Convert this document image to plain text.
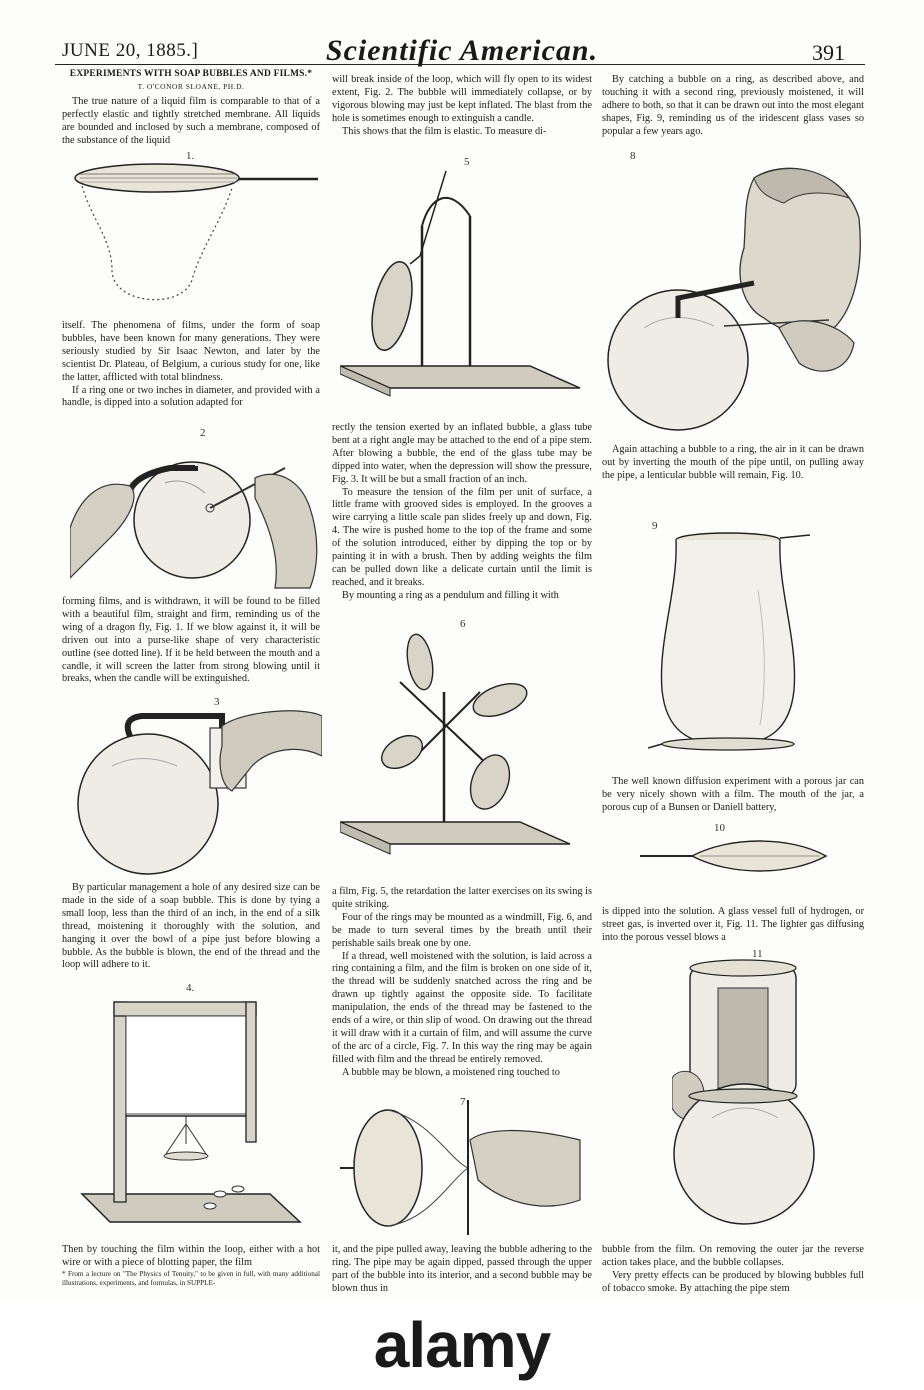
JUNE 20, 1885.]	Scientific American.	391
EXPERIMENTS WITH SOAP BUBBLES AND FILMS.*
T. O'CONOR SLOANE, PH.D.

The true nature of a liquid film is comparable to that of a perfectly elastic and tightly stretched membrane. All liquids are bounded and inclosed by such a membrane, composed of the substance of the liquid

1.

itself. The phenomena of films, under the form of soap bubbles, have been known for many generations. They were seriously studied by Sir Isaac Newton, and later by the scientist Dr. Plateau, of Belgium, a curious study for one, like the latter, afflicted with total blindness.

If a ring one or two inches in diameter, and provided with a handle, is dipped into a solution adapted for

2

forming films, and is withdrawn, it will be found to be filled with a beautiful film, straight and firm, reminding us of the wing of a dragon fly, Fig. 1. If we blow against it, it will be driven out into a purse-like shape of very characteristic outline (see dotted line). If it be held between the mouth and a candle, it will screen the latter from strong blowing until it breaks, when the candle will be extinguished.

3

By particular management a hole of any desired size can be made in the side of a soap bubble. This is done by tying a small loop, less than the third of an inch, in the end of a silk thread, moistening it thoroughly with the solution, and hanging it over the bowl of a pipe just before blowing a bubble. As the bubble is blown, the end of the thread and the loop will adhere to it.

4.

Then by touching the film within the loop, either with a hot wire or with a piece of blotting paper, the film

* From a lecture on "The Physics of Tenuity," to be given in full, with many additional illustrations, experiments, and formulas, in SUPPLE-

will break inside of the loop, which will fly open to its widest extent, Fig. 2. The bubble will immediately collapse, or by vigorous blowing may just be kept inflated. The blast from the hole is sometimes enough to extinguish a candle.

This shows that the film is elastic. To measure di-

5

rectly the tension exerted by an inflated bubble, a glass tube bent at a right angle may be attached to the end of a pipe stem. After blowing a bubble, the end of the glass tube may be dipped into water, when the depression will show the pressure, Fig. 3. It will be but a small fraction of an inch.

To measure the tension of the film per unit of surface, a little frame with grooved sides is employed. In the grooves a wire carrying a little scale pan slides freely up and down, Fig. 4. The wire is pushed home to the top of the frame and some of the solution introduced, either by dipping the top or by painting it in with a brush. Then by adding weights the film can be pulled down like a delicate curtain until the limit is reached, and it breaks.

By mounting a ring as a pendulum and filling it with

6

a film, Fig. 5, the retardation the latter exercises on its swing is quite striking.

Four of the rings may be mounted as a windmill, Fig. 6, and be made to turn several times by the breath until their perishable sails break one by one.

If a thread, well moistened with the solution, is laid across a ring containing a film, and the film is broken on one side of it, the thread will be suddenly snatched across the ring and be drawn up tightly against the opposite side. To facilitate manipulation, the ends of the thread may be fastened to the ends of a wire, or thin slip of wood. On drawing out the thread it will draw with it a curtain of film, and will assume the curve of the arc of a circle, Fig. 7. In this way the ring may be again filled with film and the thread be entirely removed.

A bubble may be blown, a moistened ring touched to

7

it, and the pipe pulled away, leaving the bubble adhering to the ring. The pipe may be again dipped, passed through the upper part of the bubble into its interior, and a second bubble may be blown thus in

By catching a bubble on a ring, as described above, and touching it with a second ring, previously moistened, it will adhere to both, so that it can be drawn out into the most elegant shapes, Fig. 9, reminding us of the iridescent glass vases so popular a few years ago.

8

Again attaching a bubble to a ring, the air in it can be drawn out by inverting the mouth of the pipe until, on pulling away the pipe, a lenticular bubble will remain, Fig. 10.

9

The well known diffusion experiment with a porous jar can be very nicely shown with a film. The mouth of the jar, a porous cup of a Bunsen or Daniell battery,

10

is dipped into the solution. A glass vessel full of hydrogen, or street gas, is inverted over it, Fig. 11. The lighter gas diffusing into the porous vessel blows a

11

bubble from the film. On removing the outer jar the reverse action takes place, and the bubble collapses.

Very pretty effects can be produced by blowing bubbles full of tobacco smoke. By attaching the pipe stem

alamy
